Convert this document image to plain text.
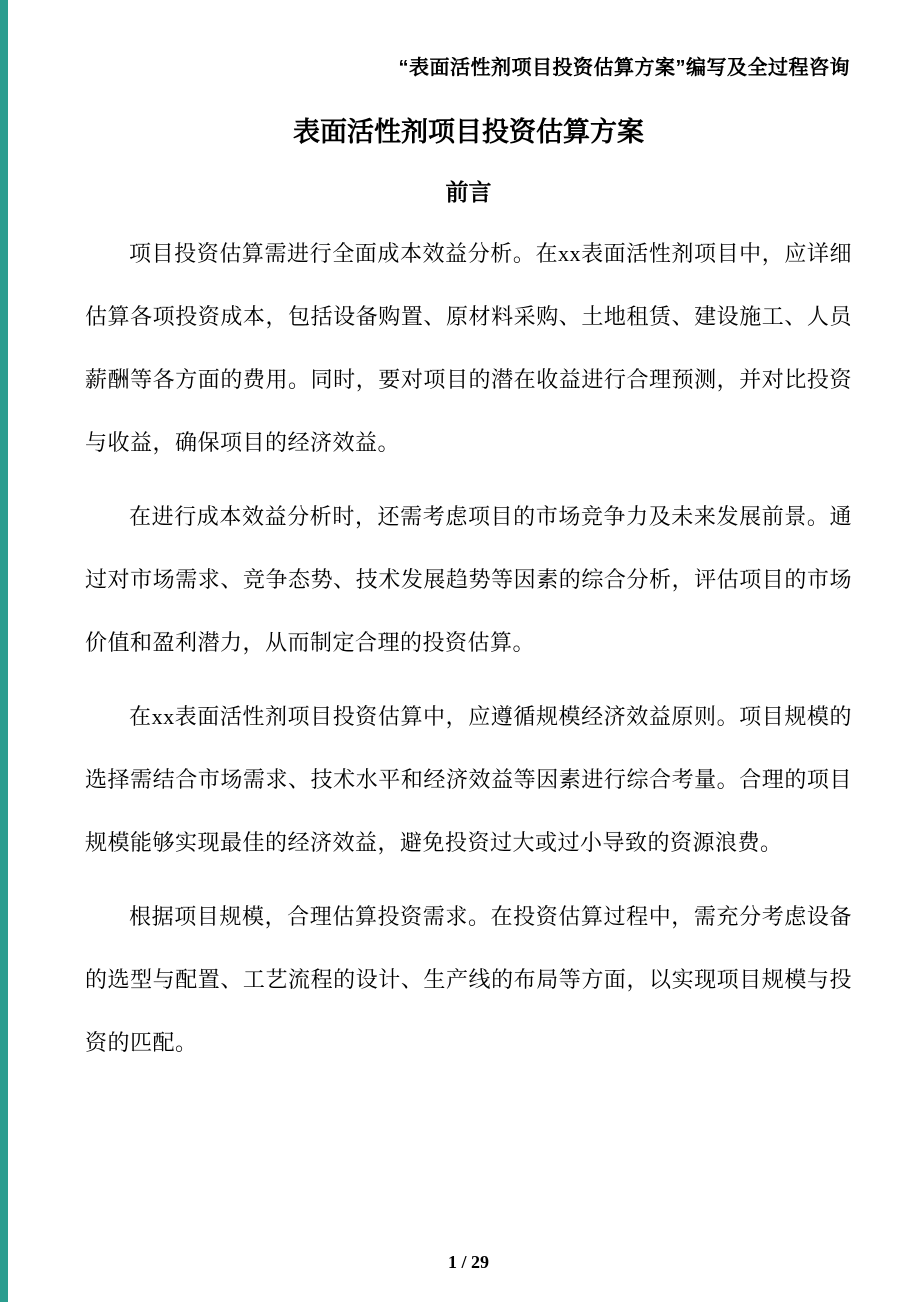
“表面活性剂项目投资估算方案”编写及全过程咨询
表面活性剂项目投资估算方案
前言

项目投资估算需进行全面成本效益分析。在xx表面活性剂项目中，应详细估算各项投资成本，包括设备购置、原材料采购、土地租赁、建设施工、人员薪酬等各方面的费用。同时，要对项目的潜在收益进行合理预测，并对比投资与收益，确保项目的经济效益。

在进行成本效益分析时，还需考虑项目的市场竞争力及未来发展前景。通过对市场需求、竞争态势、技术发展趋势等因素的综合分析，评估项目的市场价值和盈利潜力，从而制定合理的投资估算。

在xx表面活性剂项目投资估算中，应遵循规模经济效益原则。项目规模的选择需结合市场需求、技术水平和经济效益等因素进行综合考量。合理的项目规模能够实现最佳的经济效益，避免投资过大或过小导致的资源浪费。

根据项目规模，合理估算投资需求。在投资估算过程中，需充分考虑设备的选型与配置、工艺流程的设计、生产线的布局等方面，以实现项目规模与投资的匹配。

1 / 29
